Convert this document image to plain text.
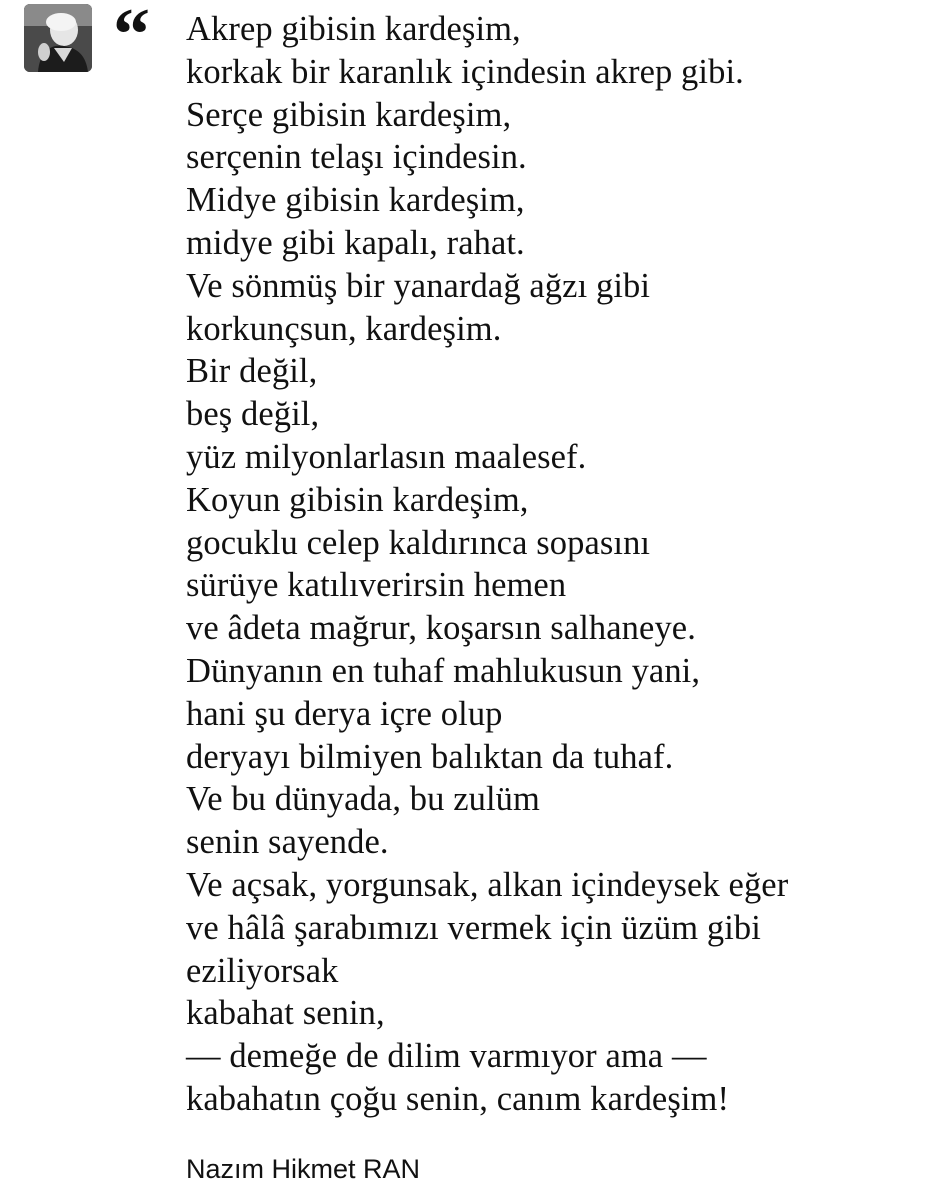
“ Akrep gibisin kardeşim,
korkak bir karanlık içindesin akrep gibi.
Serçe gibisin kardeşim,
serçenin telaşı içindesin.
Midye gibisin kardeşim,
midye gibi kapalı, rahat.
Ve sönmüş bir yanardağ ağzı gibi
korkunçsun, kardeşim.
Bir değil,
beş değil,
yüz milyonlarlasın maalesef.
Koyun gibisin kardeşim,
gocuklu celep kaldırınca sopasını
sürüye katılıverirsin hemen
ve âdeta mağrur, koşarsın salhaneye.
Dünyanın en tuhaf mahlukusun yani,
hani şu derya içre olup
deryayı bilmiyen balıktan da tuhaf.
Ve bu dünyada, bu zulüm
senin sayende.
Ve açsak, yorgunsak, alkan içindeysek eğer
ve hâlâ şarabımızı vermek için üzüm gibi
eziliyorsak
kabahat senin,
— demeğe de dilim varmıyor ama —
kabahatın çoğu senin, canım kardeşim!
Nazım Hikmet RAN
